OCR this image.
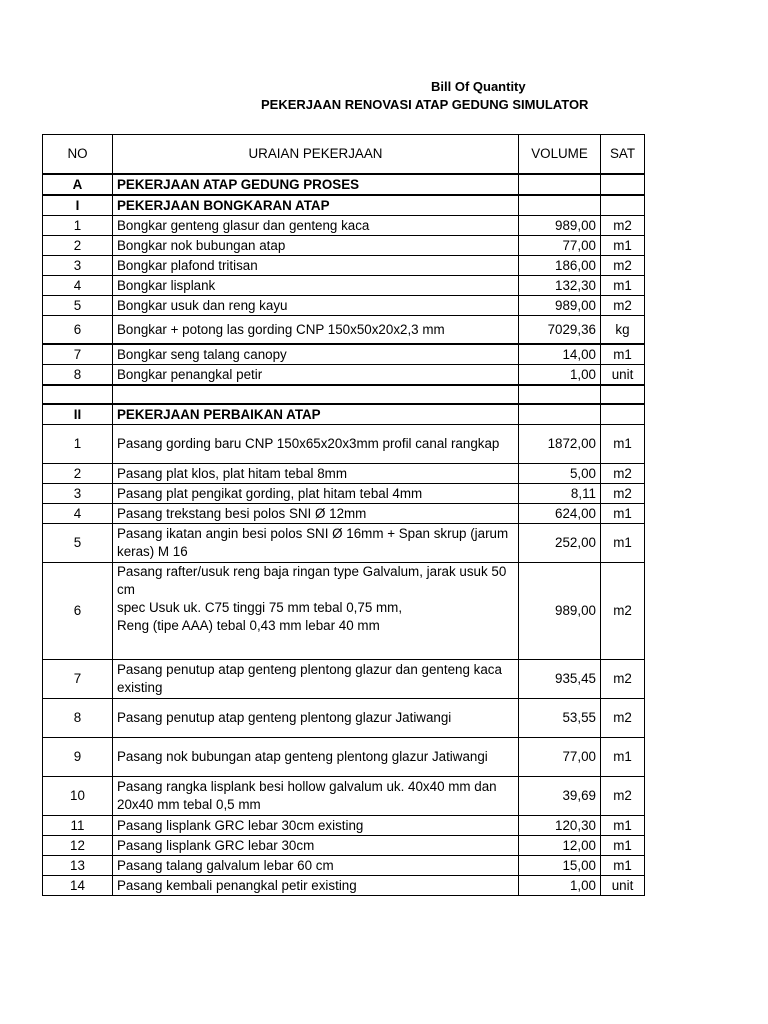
Bill Of Quantity
PEKERJAAN RENOVASI ATAP GEDUNG SIMULATOR
NO	URAIAN PEKERJAAN	VOLUME	SAT
A	PEKERJAAN ATAP GEDUNG PROSES		
I	PEKERJAAN BONGKARAN ATAP		
1	Bongkar genteng glasur dan genteng kaca	989,00	m2
2	Bongkar nok bubungan atap	77,00	m1
3	Bongkar plafond tritisan	186,00	m2
4	Bongkar lisplank	132,30	m1
5	Bongkar usuk dan reng kayu	989,00	m2
6	Bongkar + potong las gording CNP 150x50x20x2,3 mm	7029,36	kg
7	Bongkar seng talang canopy	14,00	m1
8	Bongkar penangkal petir	1,00	unit

II	PEKERJAAN PERBAIKAN ATAP		
1	Pasang gording baru CNP 150x65x20x3mm profil canal rangkap	1872,00	m1
2	Pasang plat klos, plat hitam tebal 8mm	5,00	m2
3	Pasang plat pengikat gording, plat hitam tebal 4mm	8,11	m2
4	Pasang trekstang besi polos SNI Ø 12mm	624,00	m1
5	Pasang ikatan angin besi polos SNI Ø 16mm + Span skrup (jarum keras) M 16	252,00	m1
6	Pasang rafter/usuk reng baja ringan type Galvalum, jarak usuk 50 cm
spec Usuk uk. C75 tinggi 75 mm tebal 0,75 mm,
Reng (tipe AAA) tebal 0,43 mm lebar 40 mm	989,00	m2
7	Pasang penutup atap genteng plentong glazur dan genteng kaca existing	935,45	m2
8	Pasang penutup atap genteng plentong glazur Jatiwangi	53,55	m2
9	Pasang nok bubungan atap genteng plentong glazur Jatiwangi	77,00	m1
10	Pasang rangka lisplank besi hollow galvalum uk. 40x40 mm dan 20x40 mm tebal 0,5 mm	39,69	m2
11	Pasang lisplank GRC lebar 30cm existing	120,30	m1
12	Pasang lisplank GRC lebar 30cm	12,00	m1
13	Pasang talang galvalum lebar 60 cm	15,00	m1
14	Pasang kembali penangkal petir existing	1,00	unit
